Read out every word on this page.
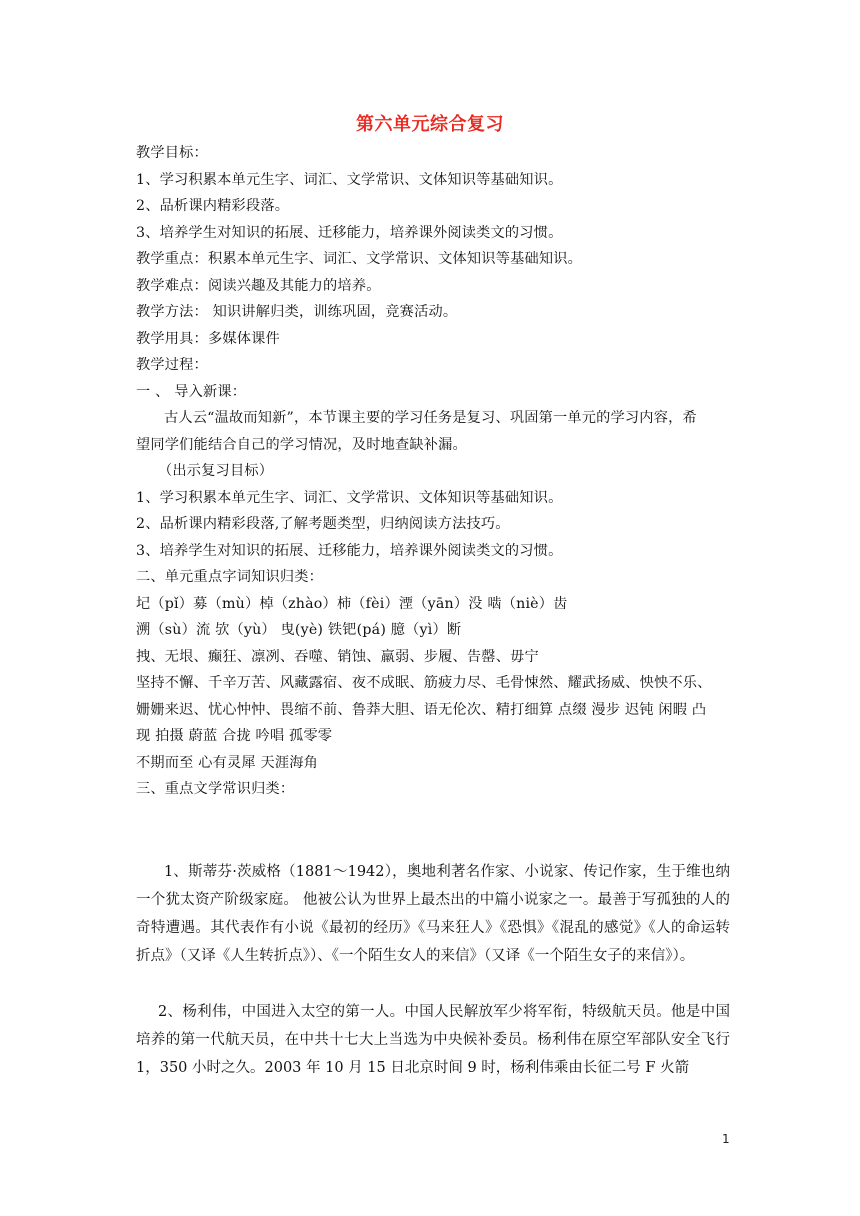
第六单元综合复习
教学目标：
1、学习积累本单元生字、词汇、文学常识、文体知识等基础知识。
2、品析课内精彩段落。
3、培养学生对知识的拓展、迁移能力，培养课外阅读类文的习惯。
教学重点：积累本单元生字、词汇、文学常识、文体知识等基础知识。
教学难点：阅读兴趣及其能力的培养。
教学方法： 知识讲解归类，训练巩固，竞赛活动。
教学用具：多媒体课件
教学过程：
一 、 导入新课：
古人云“温故而知新”，本节课主要的学习任务是复习、巩固第一单元的学习内容，希
望同学们能结合自己的学习情况，及时地查缺补漏。
（出示复习目标）
1、学习积累本单元生字、词汇、文学常识、文体知识等基础知识。
2、品析课内精彩段落,了解考题类型，归纳阅读方法技巧。
3、培养学生对知识的拓展、迁移能力，培养课外阅读类文的习惯。
二、单元重点字词知识归类：
圮（pǐ）募（mù）棹（zhào）柿（fèi）湮（yān）没 啮（niè）齿
溯（sù）流 欤（yù） 曳(yè) 铁钯(pá) 臆（yì）断
拽、无垠、癫狂、凛冽、吞噬、销蚀、羸弱、步履、告罄、毋宁
坚持不懈、千辛万苦、风藏露宿、夜不成眠、筋疲力尽、毛骨悚然、耀武扬威、怏怏不乐、
姗姗来迟、忧心忡忡、畏缩不前、鲁莽大胆、语无伦次、精打细算 点缀 漫步 迟钝 闲暇 凸
现 拍摄 蔚蓝 合拢 吟唱 孤零零
不期而至 心有灵犀 天涯海角
三、重点文学常识归类：
1、斯蒂芬·茨威格（1881～1942），奥地利著名作家、小说家、传记作家，生于维也纳一个犹太资产阶级家庭。 他被公认为世界上最杰出的中篇小说家之一。最善于写孤独的人的奇特遭遇。其代表作有小说《最初的经历》《马来狂人》《恐惧》《混乱的感觉》《人的命运转折点》（又译《人生转折点》）、《一个陌生女人的来信》（又译《一个陌生女子的来信》）。
2、杨利伟，中国进入太空的第一人。中国人民解放军少将军衔，特级航天员。他是中国培养的第一代航天员，在中共十七大上当选为中央候补委员。杨利伟在原空军部队安全飞行 1，350 小时之久。2003 年 10 月 15 日北京时间 9 时，杨利伟乘由长征二号 F 火箭
1
